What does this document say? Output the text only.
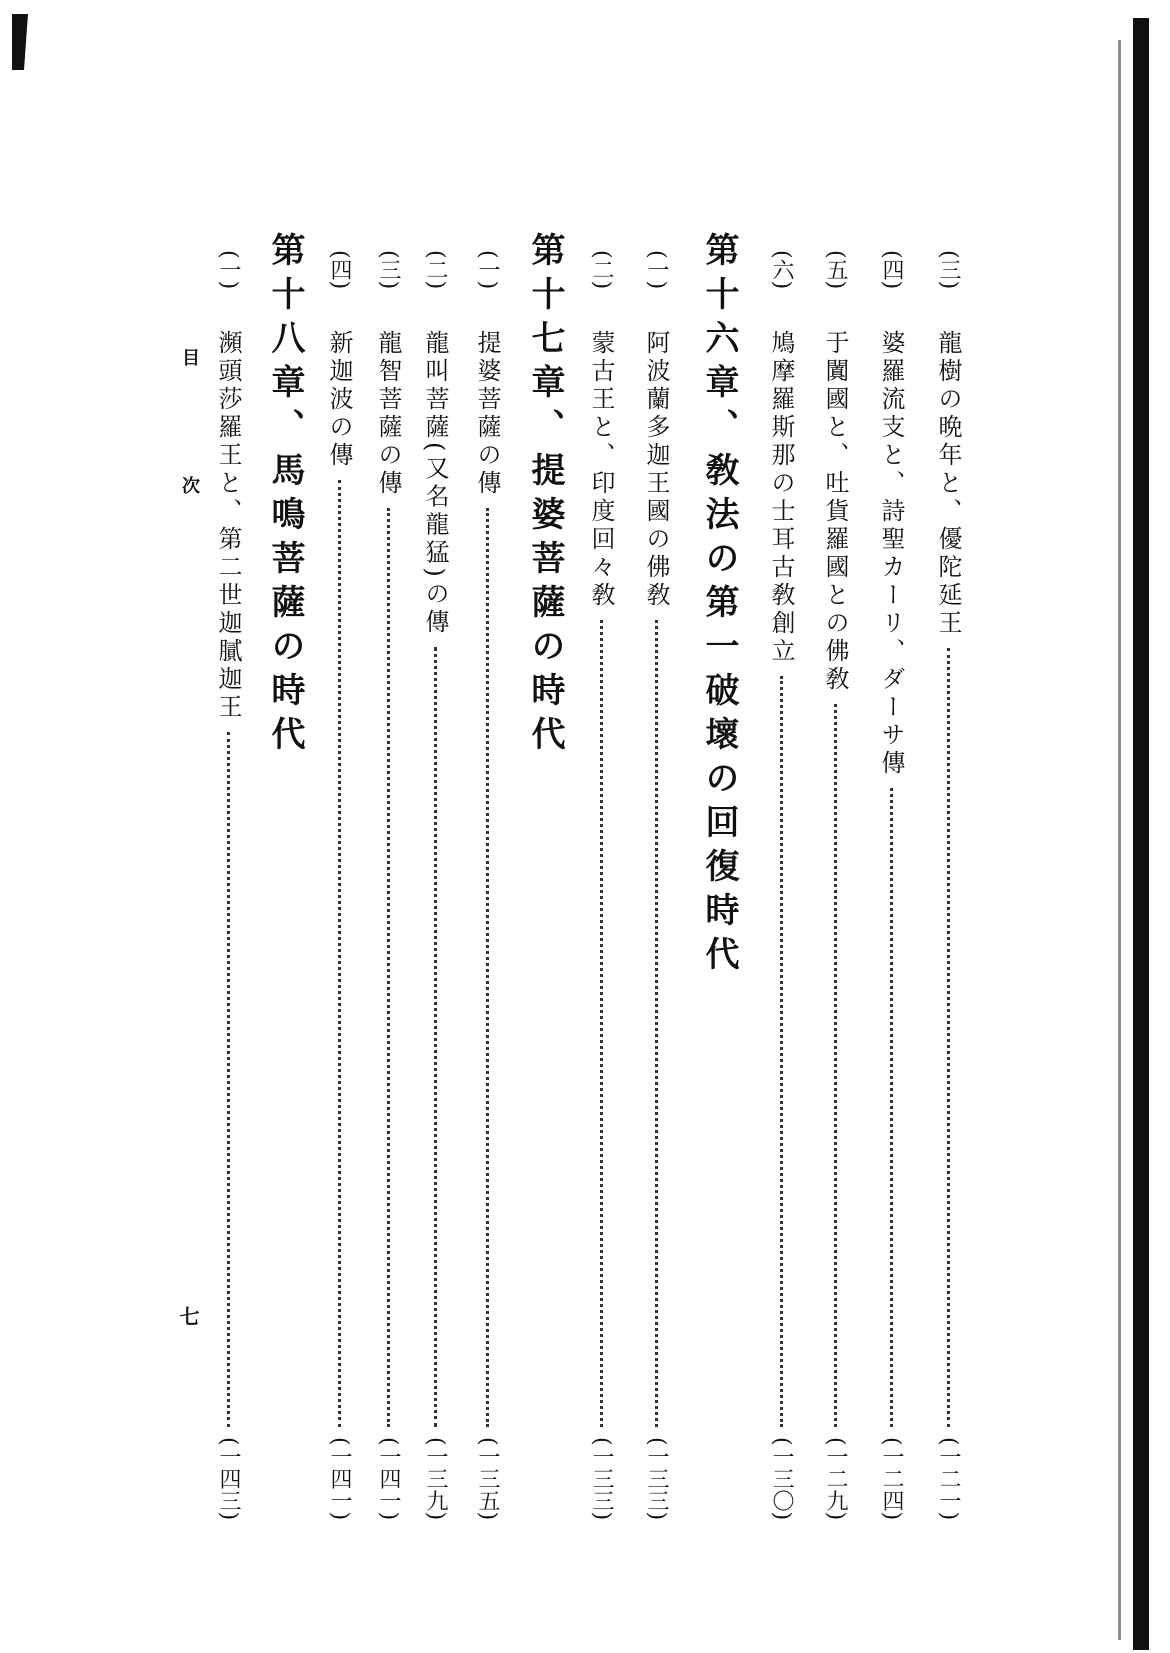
(三)
龍樹の晩年と、優陀延王
(一二一)
(四)
婆羅流支と、詩聖カーリ、ダーサ傳
(一二四)
(五)
于闐國と、吐貨羅國との佛敎
(一二九)
(六)
鳩摩羅斯那の士耳古敎創立
(一三〇)
第十六章、敎法の第一破壞の回復時代
(一)
阿波蘭多迦王國の佛敎
(一三三)
(二)
蒙古王と、印度回々敎
(一三三)
第十七章、提婆菩薩の時代
(一)
提婆菩薩の傳
(一三五)
(二)
龍叫菩薩(又名龍猛)の傳
(一三九)
(三)
龍智菩薩の傳
(一四一)
(四)
新迦波の傳
(一四一)
第十八章、馬鳴菩薩の時代
(一)
瀕頭莎羅王と、第二世迦膩迦王
(一四三)
目次
七
